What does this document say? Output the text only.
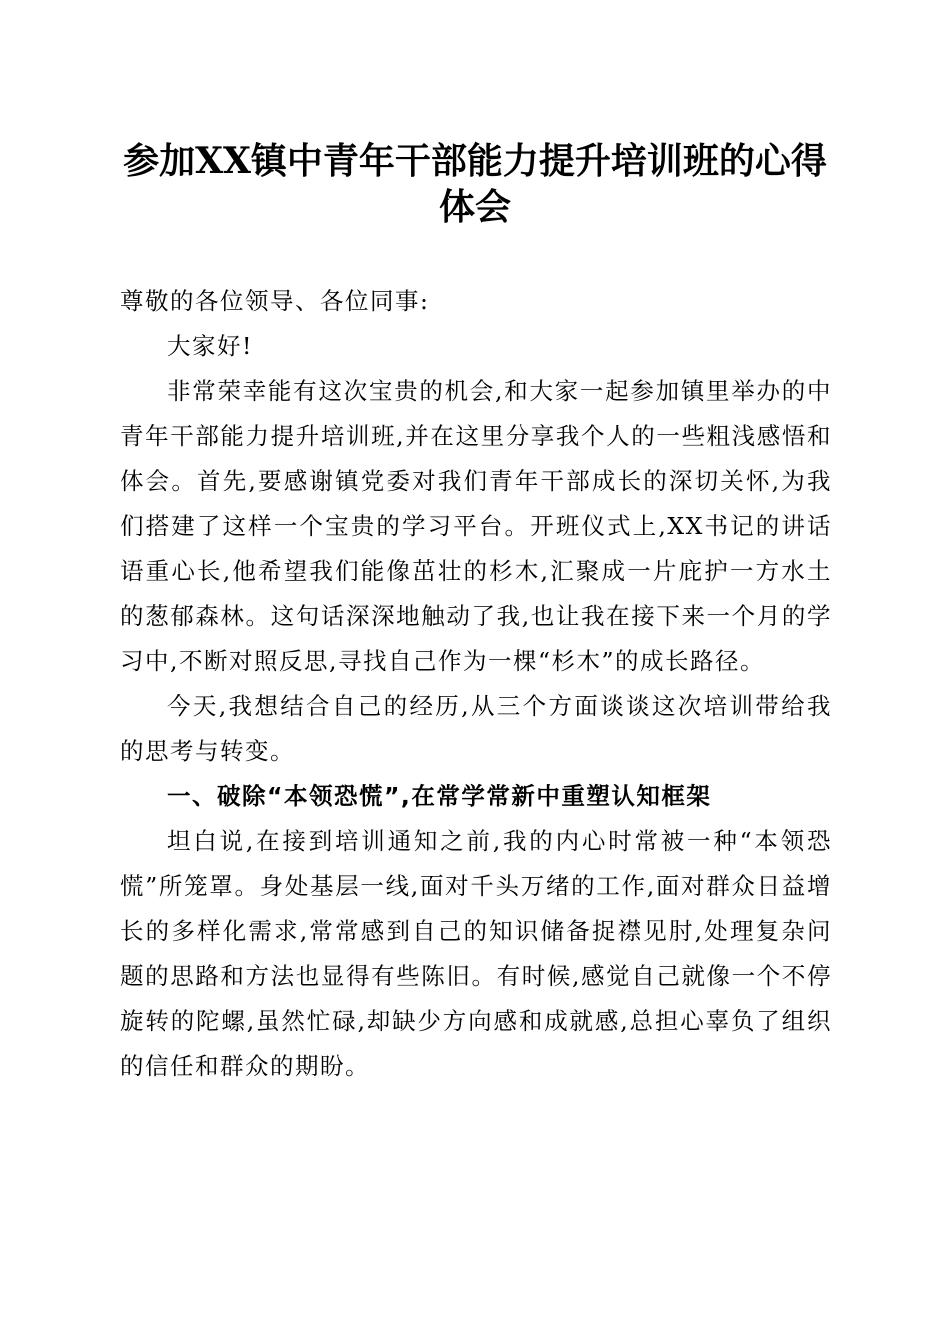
参加XX镇中青年干部能力提升培训班的心得体会

尊敬的各位领导、各位同事:

大家好!

非常荣幸能有这次宝贵的机会,和大家一起参加镇里举办的中青年干部能力提升培训班,并在这里分享我个人的一些粗浅感悟和体会。首先,要感谢镇党委对我们青年干部成长的深切关怀,为我们搭建了这样一个宝贵的学习平台。开班仪式上,XX书记的讲话语重心长,他希望我们能像茁壮的杉木,汇聚成一片庇护一方水土的葱郁森林。这句话深深地触动了我,也让我在接下来一个月的学习中,不断对照反思,寻找自己作为一棵“杉木”的成长路径。

今天,我想结合自己的经历,从三个方面谈谈这次培训带给我的思考与转变。

一、破除“本领恐慌”,在常学常新中重塑认知框架

坦白说,在接到培训通知之前,我的内心时常被一种“本领恐慌”所笼罩。身处基层一线,面对千头万绪的工作,面对群众日益增长的多样化需求,常常感到自己的知识储备捉襟见肘,处理复杂问题的思路和方法也显得有些陈旧。有时候,感觉自己就像一个不停旋转的陀螺,虽然忙碌,却缺少方向感和成就感,总担心辜负了组织的信任和群众的期盼。
